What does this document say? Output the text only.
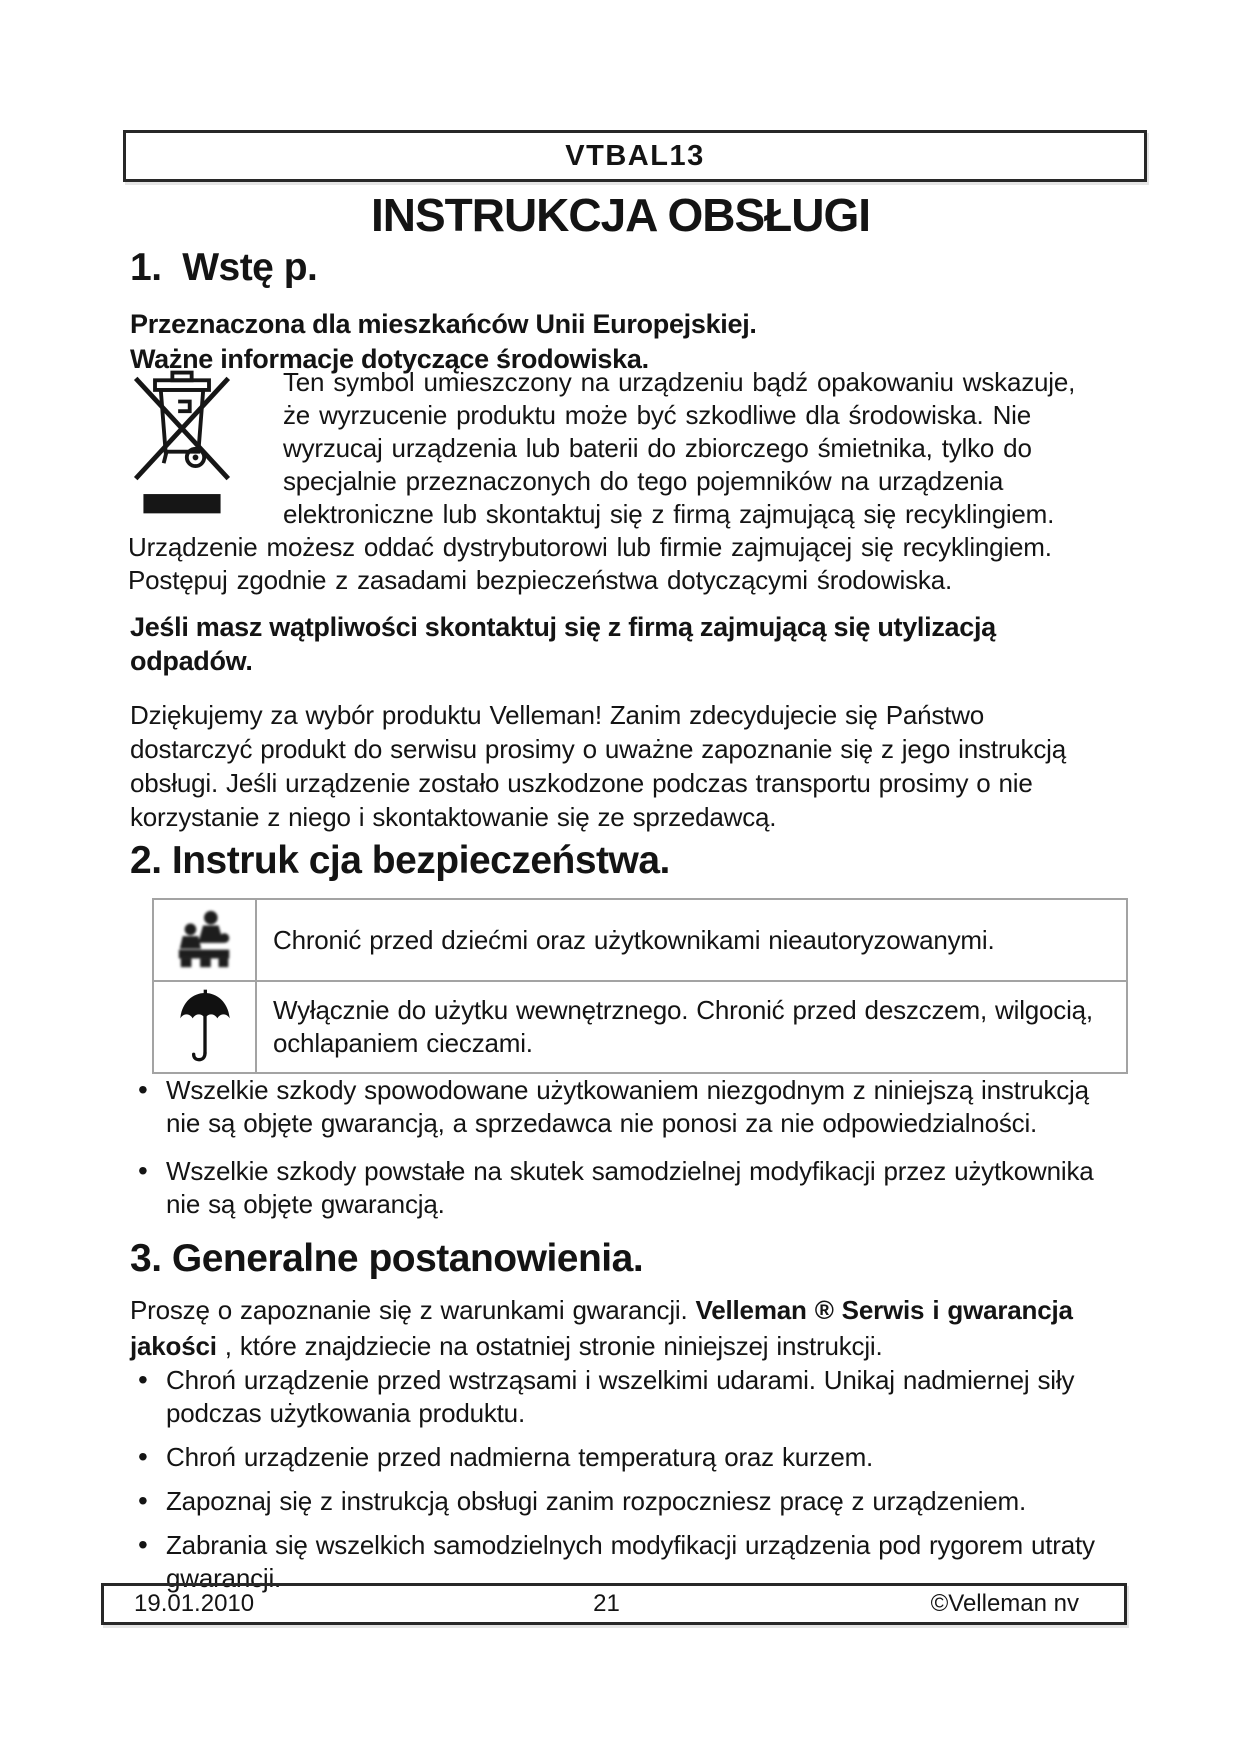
VTBAL13
INSTRUKCJA OBSŁUGI
1.  Wstę p.
Przeznaczona dla mieszkańców Unii Europejskiej.
Ważne informacje dotyczące środowiska.
Ten symbol umieszczony na urządzeniu bądź opakowaniu wskazuje, że wyrzucenie produktu może być szkodliwe dla środowiska. Nie wyrzucaj urządzenia lub baterii do zbiorczego śmietnika, tylko do specjalnie przeznaczonych do tego pojemników na urządzenia elektroniczne lub skontaktuj się z firmą zajmującą się recyklingiem. Urządzenie możesz oddać dystrybutorowi lub firmie zajmującej się recyklingiem. Postępuj zgodnie z zasadami bezpieczeństwa dotyczącymi środowiska.
Jeśli masz wątpliwości skontaktuj się z firmą zajmującą się utylizacją odpadów.
Dziękujemy za wybór produktu Velleman! Zanim zdecydujecie się Państwo dostarczyć produkt do serwisu prosimy o uważne zapoznanie się z jego instrukcją obsługi. Jeśli urządzenie zostało uszkodzone podczas transportu prosimy o nie korzystanie z niego i skontaktowanie się ze sprzedawcą.
2. Instruk cja bezpieczeństwa.
Chronić przed dziećmi oraz użytkownikami nieautoryzowanymi.
Wyłącznie do użytku wewnętrznego. Chronić przed deszczem, wilgocią, ochlapaniem cieczami.
• Wszelkie szkody spowodowane użytkowaniem niezgodnym z niniejszą instrukcją nie są objęte gwarancją, a sprzedawca nie ponosi za nie odpowiedzialności.
• Wszelkie szkody powstałe na skutek samodzielnej modyfikacji przez użytkownika nie są objęte gwarancją.
3. Generalne postanowienia.
Proszę o zapoznanie się z warunkami gwarancji. Velleman ® Serwis i gwarancja jakości , które znajdziecie na ostatniej stronie niniejszej instrukcji.
• Chroń urządzenie przed wstrząsami i wszelkimi udarami. Unikaj nadmiernej siły podczas użytkowania produktu.
• Chroń urządzenie przed nadmierna temperaturą oraz kurzem.
• Zapoznaj się z instrukcją obsługi zanim rozpoczniesz pracę z urządzeniem.
• Zabrania się wszelkich samodzielnych modyfikacji urządzenia pod rygorem utraty gwarancji.
19.01.2010	21	©Velleman nv
